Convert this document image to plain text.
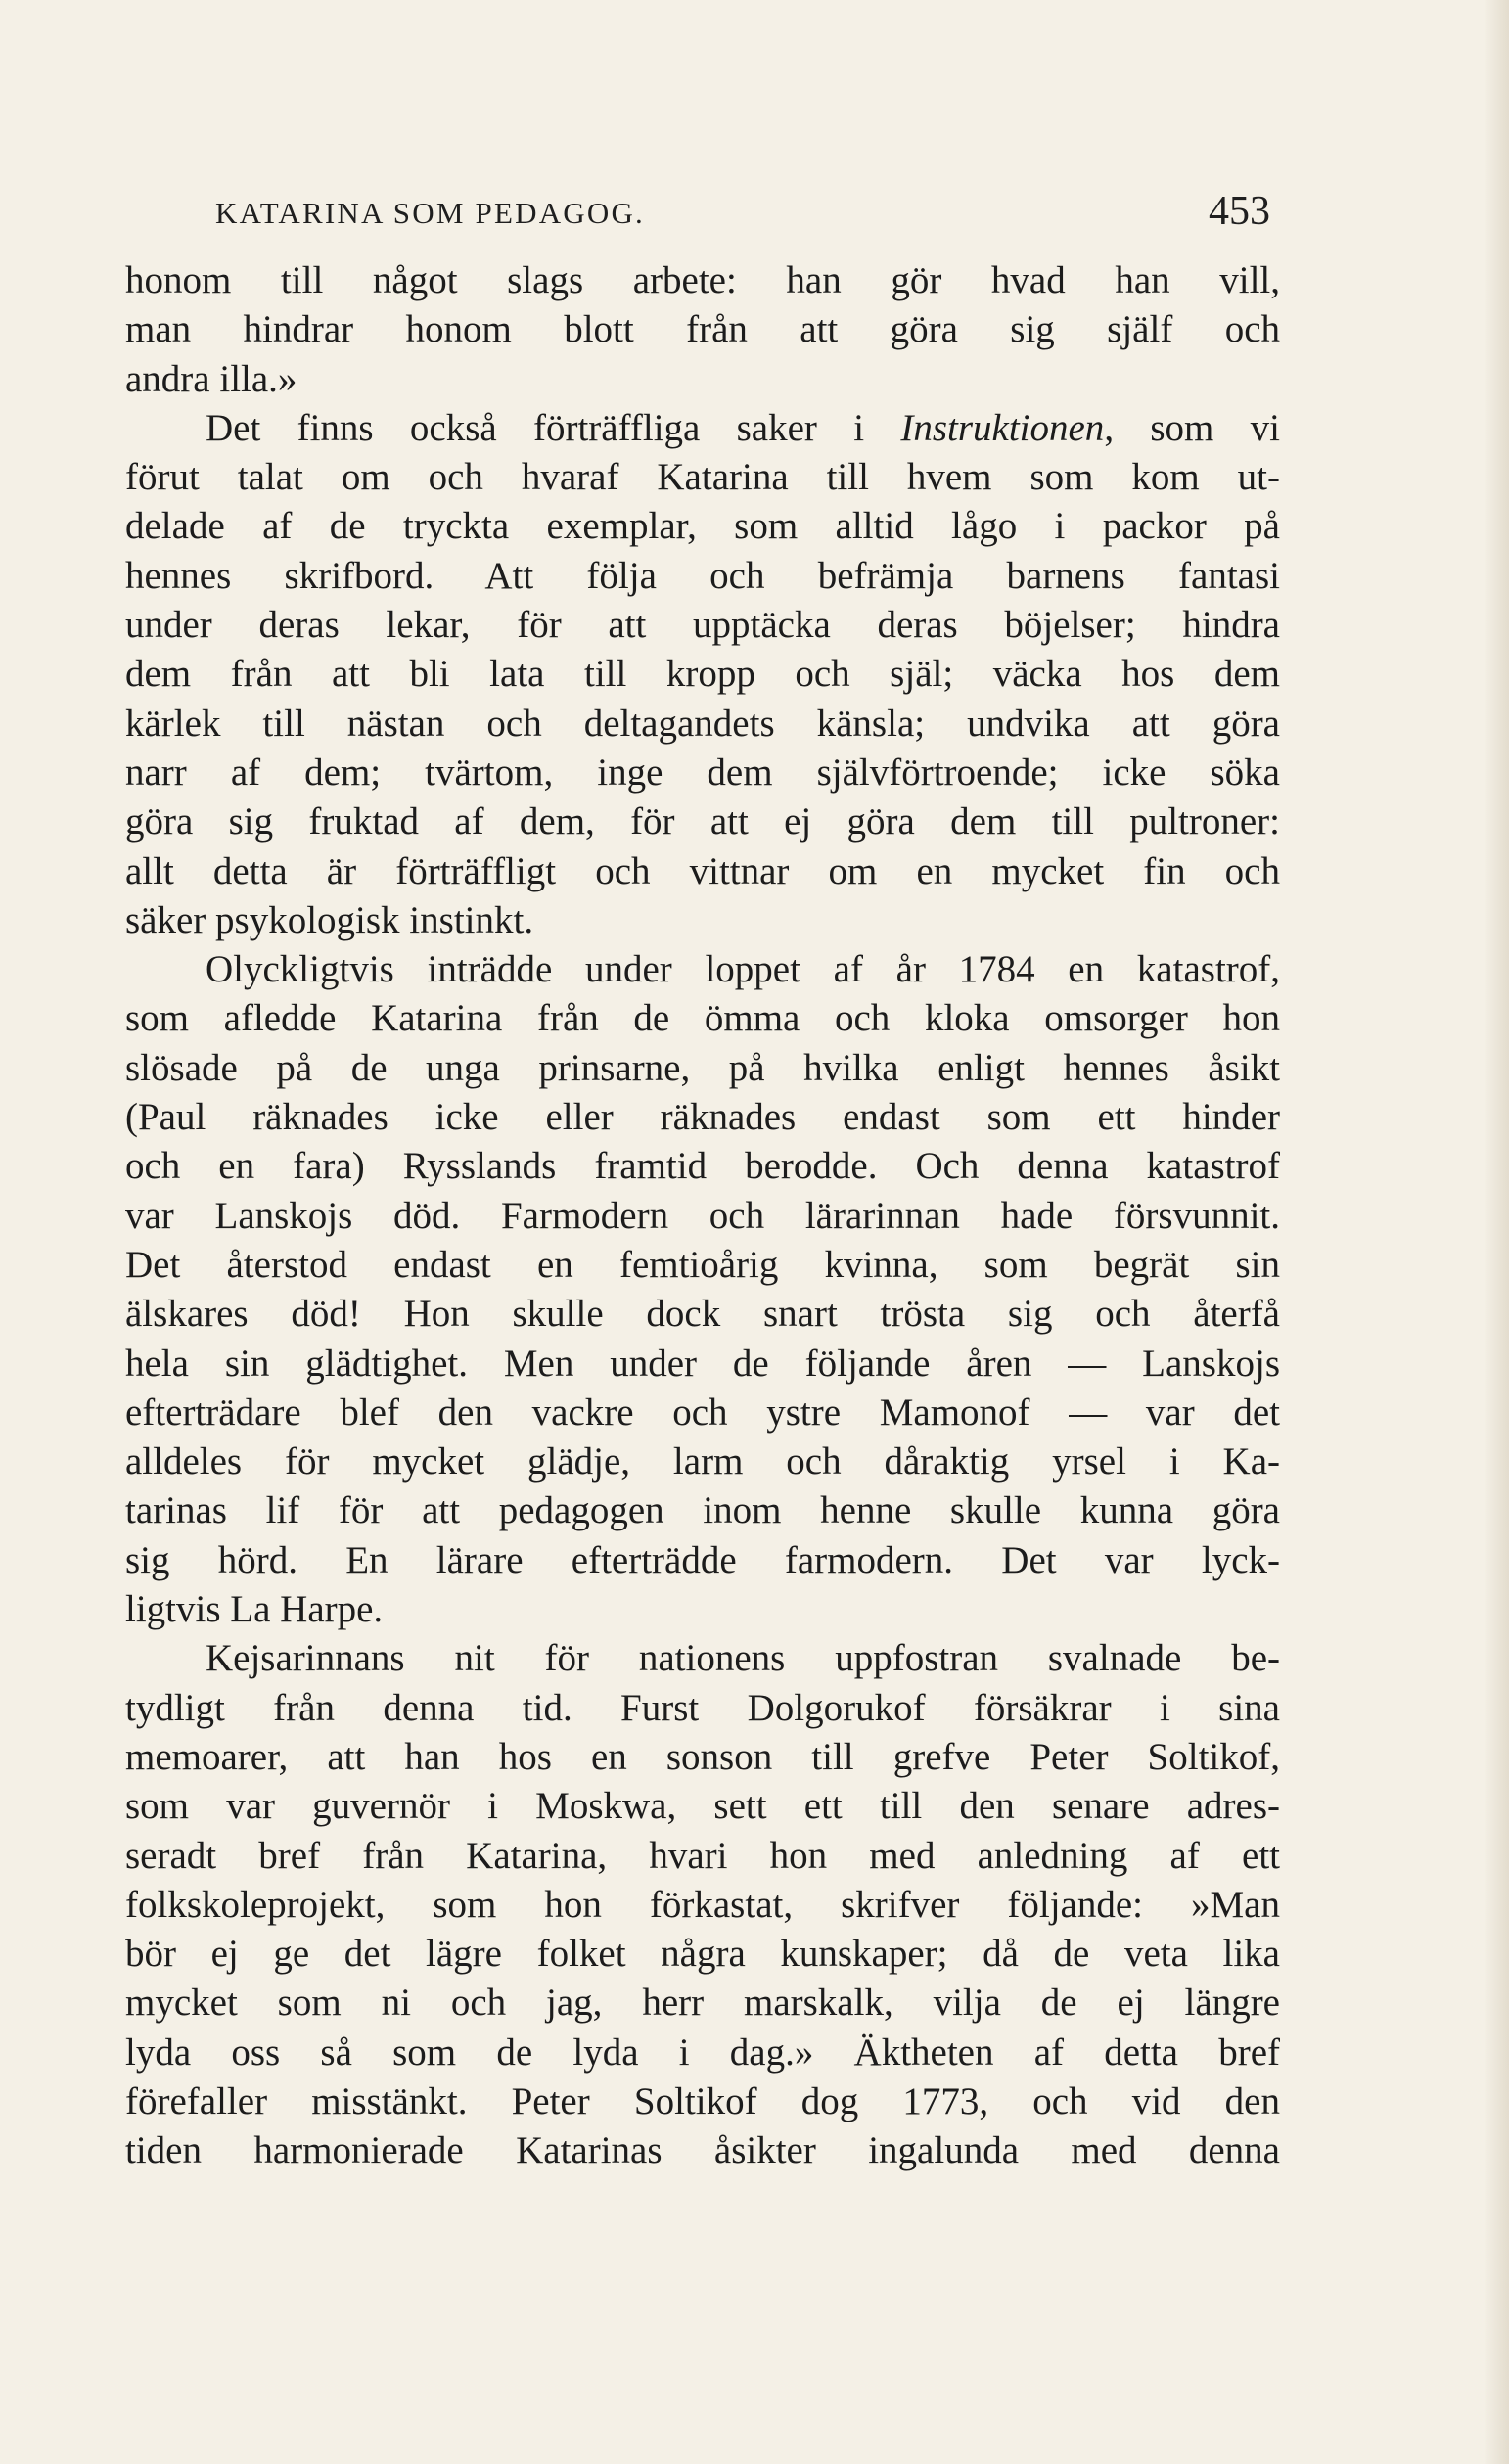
KATARINA SOM PEDAGOG.	453
honom till något slags arbete: han gör hvad han vill,
man hindrar honom blott från att göra sig själf och
andra illa.»
Det finns också förträffliga saker i Instruktionen, som vi
förut talat om och hvaraf Katarina till hvem som kom ut-
delade af de tryckta exemplar, som alltid lågo i packor på
hennes skrifbord. Att följa och befrämja barnens fantasi
under deras lekar, för att upptäcka deras böjelser; hindra
dem från att bli lata till kropp och själ; väcka hos dem
kärlek till nästan och deltagandets känsla; undvika att göra
narr af dem; tvärtom, inge dem självförtroende; icke söka
göra sig fruktad af dem, för att ej göra dem till pultroner:
allt detta är förträffligt och vittnar om en mycket fin och
säker psykologisk instinkt.
Olyckligtvis inträdde under loppet af år 1784 en katastrof,
som afledde Katarina från de ömma och kloka omsorger hon
slösade på de unga prinsarne, på hvilka enligt hennes åsikt
(Paul räknades icke eller räknades endast som ett hinder
och en fara) Rysslands framtid berodde. Och denna katastrof
var Lanskojs död. Farmodern och lärarinnan hade försvunnit.
Det återstod endast en femtioårig kvinna, som begrät sin
älskares död! Hon skulle dock snart trösta sig och återfå
hela sin glädtighet. Men under de följande åren — Lanskojs
efterträdare blef den vackre och ystre Mamonof — var det
alldeles för mycket glädje, larm och dåraktig yrsel i Ka-
tarinas lif för att pedagogen inom henne skulle kunna göra
sig hörd. En lärare efterträdde farmodern. Det var lyck-
ligtvis La Harpe.
Kejsarinnans nit för nationens uppfostran svalnade be-
tydligt från denna tid. Furst Dolgorukof försäkrar i sina
memoarer, att han hos en sonson till grefve Peter Soltikof,
som var guvernör i Moskwa, sett ett till den senare adres-
seradt bref från Katarina, hvari hon med anledning af ett
folkskoleprojekt, som hon förkastat, skrifver följande: »Man
bör ej ge det lägre folket några kunskaper; då de veta lika
mycket som ni och jag, herr marskalk, vilja de ej längre
lyda oss så som de lyda i dag.» Äktheten af detta bref
förefaller misstänkt. Peter Soltikof dog 1773, och vid den
tiden harmonierade Katarinas åsikter ingalunda med denna
